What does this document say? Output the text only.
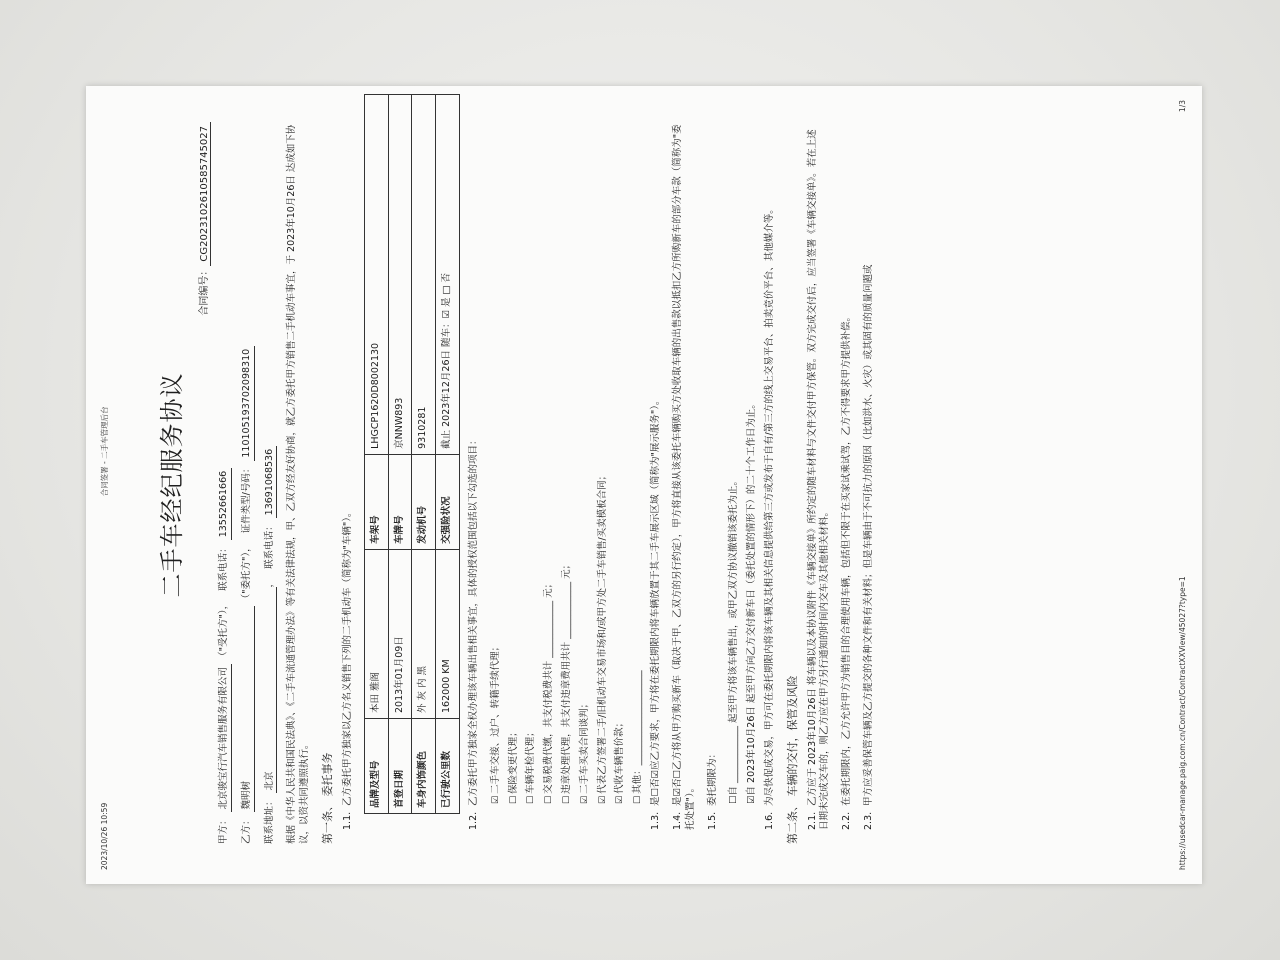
2023/10/26 10:59
合同签署 - 二手车管理后台 二手车经纪服务协议
合同编号：CG2023102610585745027
甲方： 北京骏宝行汽车销售服务有限公司 （"受托方"），   联系电话： 13552661666
乙方： 魏明树 （"委托方"），   证件类型/号码： 110105193702098310
联系地址： 北京，   联系电话： 13691068536 根据《中华人民共和国民法典》、《二手车流通管理办法》等有关法律法规，甲、乙双方经友好协商，就乙方委托甲方销售二手机动车事宜，于 2023年10月26日 达成如下协议，以资共同遵照执行。 第一条、 委托事务 1.1.乙方委托甲方独家以乙方名义销售下列的二手机动车（简称为"车辆"）。 品牌及型号	本田 雅阁	车架号	LHGCP1620D8002130
首登日期	2013年01月09日	车牌号	京NNW893
车身内饰颜色	外 灰 内 黑	发动机号	9310281
已行驶公里数	162000 KM	交强险状况	截止 2023年12月26日 随车：☑ 是 □ 否
1.2.乙方委托甲方独家全权办理该车辆出售相关事宜，具体的授权范围包括以下勾选的项目： ☑二手车交接、过户、转籍手续代理；
☐保险变更代理；
☐车辆年检代理；
☐交易税费代缴，共支付税费共计 ____________ 元；
☐违章处理代理，共支付违章费用共计 ____________ 元；
☑二手车买卖合同谈判；
☑代表乙方签署二手/旧机动车交易市场和/或甲方处二手车销售/买卖模板合同；
☑代收车辆售价款；
☐其他：____________________
1.3.是☐否☑应乙方要求，甲方将在委托期限内将车辆放置于其二手车展示区域（简称为"展示服务"）。
1.4.是☑否☐乙方将从甲方购买新车（取决于甲、乙双方的另行约定），甲方将直接从该委托车辆购买方处收取车辆的出售款以抵扣乙方所购新车的部分车款（简称为"委托处置"）。 1.5.委托期限为： ☐自 ____________ 起至甲方将该车辆售出，或甲乙双方协议撤销该委托为止。 ☑自 2023年10月26日 起至甲方向乙方交付新车日（委托处置的情形下）的二十个工作日为止。
1.6.为尽快促成交易，甲方可在委托期限内将该车辆及其相关信息提供给第三方或发布于自有/第三方的线上交易平台、拍卖竞价平台、其他媒介等。 第二条、 车辆的交付，保管及风险 2.1.乙方应于 2023年10月26日 将车辆以及本协议附件《车辆交接单》所约定的随车材料与文件交付甲方保管。双方完成交付后，应当签署《车辆交接单》。若在上述日期未完成交车的，则乙方应在甲方另行通知的时间内交车及其他相关材料。 2.2.在委托期限内，乙方允许甲方为销售目的合理使用车辆，包括但不限于在买家试乘试驾，乙方不得要求甲方提供补偿。
2.3.甲方应妥善保管车辆及乙方提交的各种文件和有关材料；但是车辆由于不可抗力的原因（比如洪水、火灾）或其固有的质量问题或	https://usedcar-manage.paig.com.cn/Contract/ContractXXView/45027?type=1
1/3
